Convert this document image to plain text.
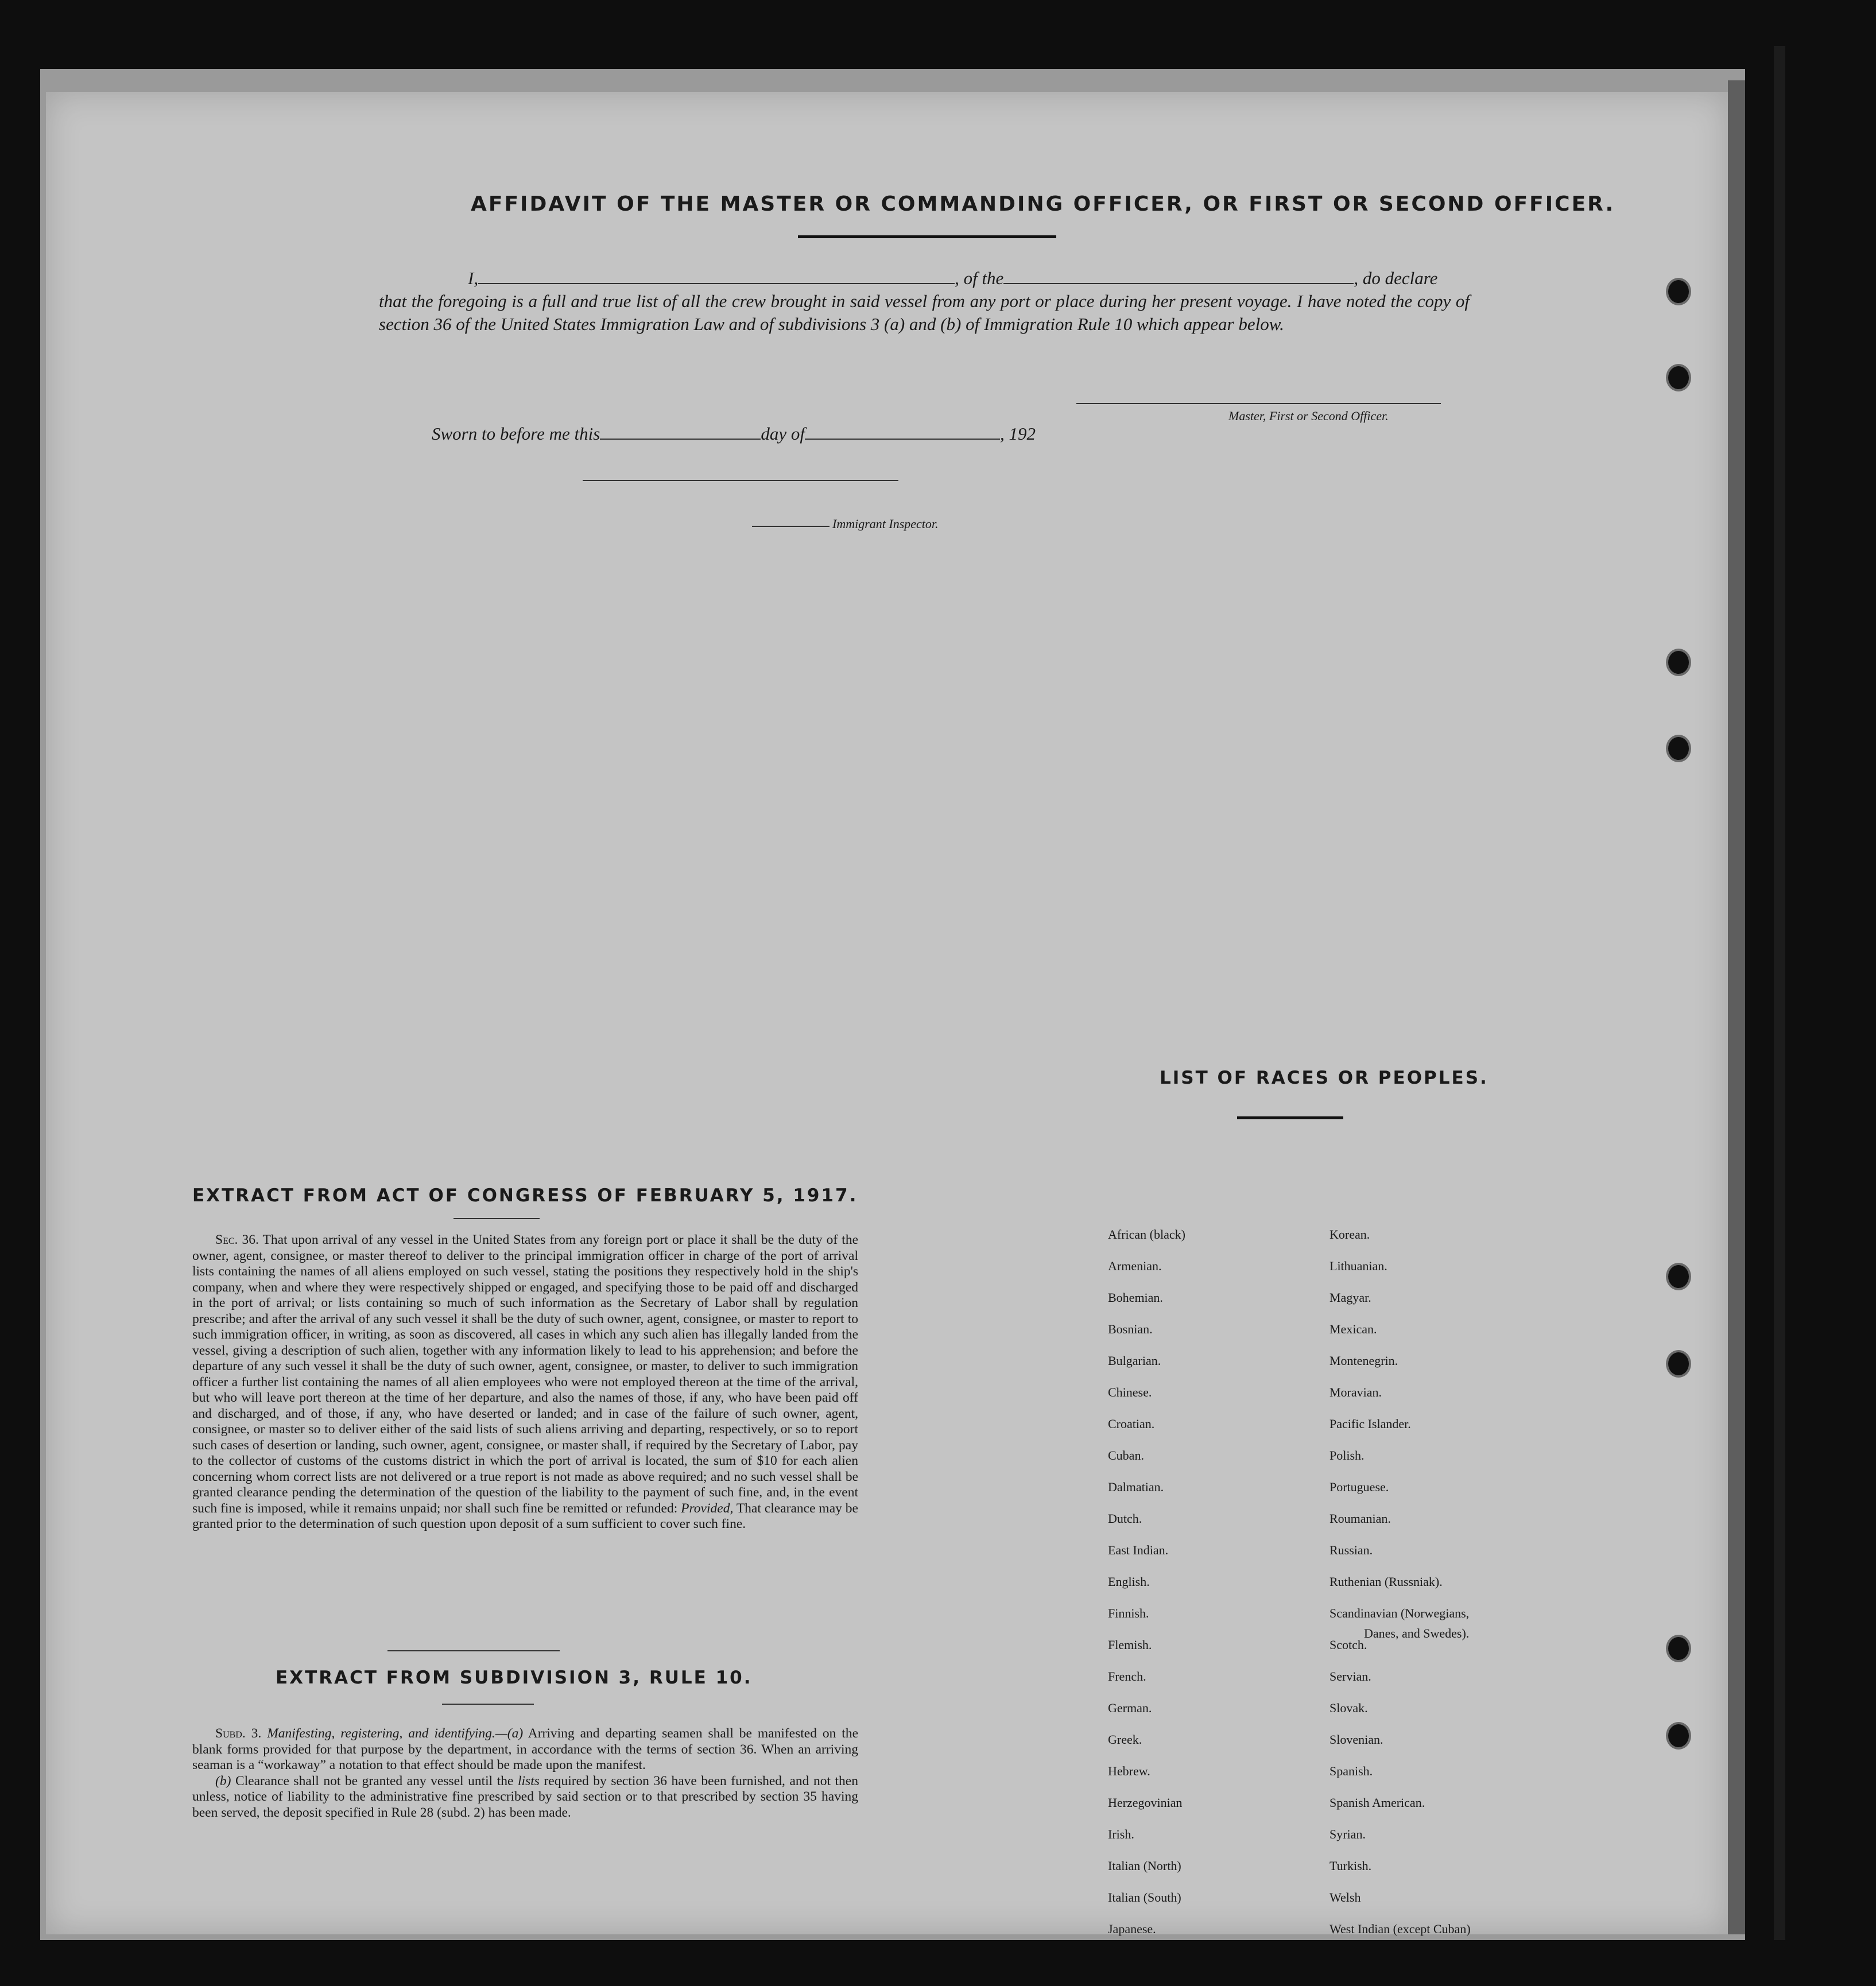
AFFIDAVIT OF THE MASTER OR COMMANDING OFFICER, OR FIRST OR SECOND OFFICER.
I,	, of the	, do declare
that the foregoing is a full and true list of all the crew brought in said vessel from any port or place during her present voyage. I have noted the copy of section 36 of the United States Immigration Law and of subdivisions 3 (a) and (b) of Immigration Rule 10 which appear below.
Master, First or Second Officer.
Sworn to before me this	day of	, 192
Immigrant Inspector.
EXTRACT FROM ACT OF CONGRESS OF FEBRUARY 5, 1917.
Sec. 36. That upon arrival of any vessel in the United States from any foreign port or place it shall be the duty of the owner, agent, consignee, or master thereof to deliver to the principal immigration officer in charge of the port of arrival lists containing the names of all aliens employed on such vessel, stating the positions they respectively hold in the ship's company, when and where they were respectively shipped or engaged, and specifying those to be paid off and discharged in the port of arrival; or lists containing so much of such information as the Secretary of Labor shall by regulation prescribe; and after the arrival of any such vessel it shall be the duty of such owner, agent, consignee, or master to report to such immigration officer, in writing, as soon as discovered, all cases in which any such alien has illegally landed from the vessel, giving a description of such alien, together with any information likely to lead to his apprehension; and before the departure of any such vessel it shall be the duty of such owner, agent, consignee, or master, to deliver to such immigration officer a further list containing the names of all alien employees who were not employed thereon at the time of the arrival, but who will leave port thereon at the time of her departure, and also the names of those, if any, who have been paid off and discharged, and of those, if any, who have deserted or landed; and in case of the failure of such owner, agent, consignee, or master so to deliver either of the said lists of such aliens arriving and departing, respectively, or so to report such cases of desertion or landing, such owner, agent, consignee, or master shall, if required by the Secretary of Labor, pay to the collector of customs of the customs district in which the port of arrival is located, the sum of $10 for each alien concerning whom correct lists are not delivered or a true report is not made as above required; and no such vessel shall be granted clearance pending the determination of the question of the liability to the payment of such fine, and, in the event such fine is imposed, while it remains unpaid; nor shall such fine be remitted or refunded: Provided, That clearance may be granted prior to the determination of such question upon deposit of a sum sufficient to cover such fine.
EXTRACT FROM SUBDIVISION 3, RULE 10.

Subd. 3. Manifesting, registering, and identifying.—(a) Arriving and departing seamen shall be manifested on the blank forms provided for that purpose by the department, in accordance with the terms of section 36. When an arriving seaman is a “workaway” a notation to that effect should be made upon the manifest.

(b) Clearance shall not be granted any vessel until the lists required by section 36 have been furnished, and not then unless, notice of liability to the administrative fine prescribed by said section or to that prescribed by section 35 having been served, the deposit specified in Rule 28 (subd. 2) has been made.

LIST OF RACES OR PEOPLES.
African (black)
Armenian.
Bohemian.
Bosnian.
Bulgarian.
Chinese.
Croatian.
Cuban.
Dalmatian.
Dutch.
East Indian.
English.
Finnish.
Flemish.
French.
German.
Greek.
Hebrew.
Herzegovinian
Irish.
Italian (North)
Italian (South)
Japanese.
Korean.
Lithuanian.
Magyar.
Mexican.
Montenegrin.
Moravian.
Pacific Islander.
Polish.
Portuguese.
Roumanian.
Russian.
Ruthenian (Russniak).
Scandinavian (Norwegians,
Scotch.
Servian.
Slovak.
Slovenian.
Spanish.
Spanish American.
Syrian.
Turkish.
Welsh
West Indian (except Cuban)
Danes, and Swedes).
